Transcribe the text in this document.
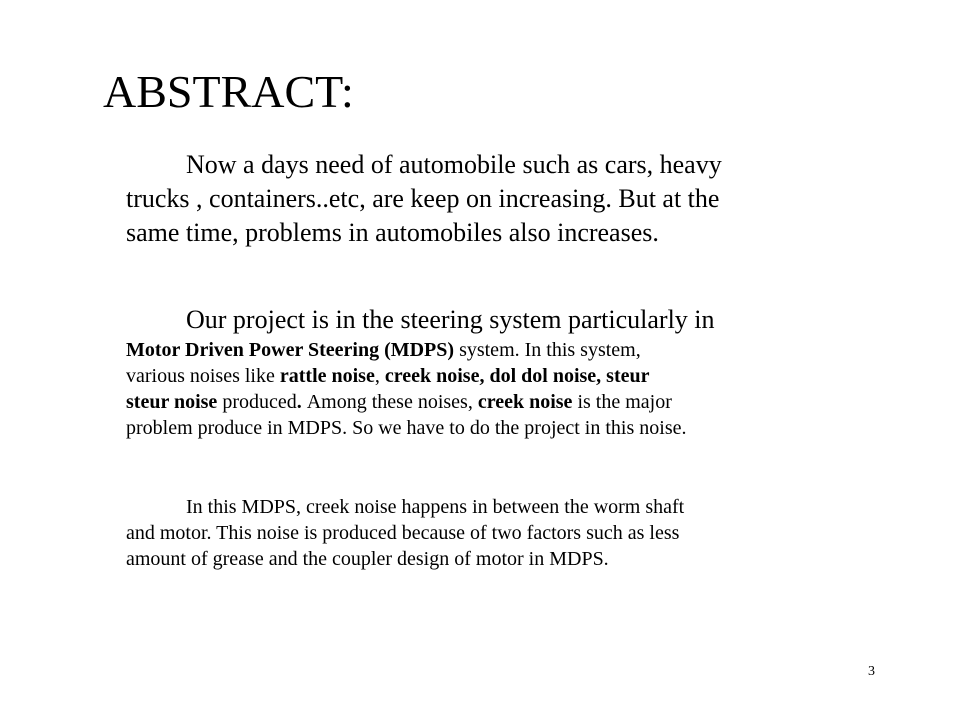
ABSTRACT:

Now a days need of automobile such as cars, heavy
trucks , containers..etc, are keep on increasing. But at the
same time, problems in automobiles also increases.

Our project is in the steering system particularly in
Motor Driven Power Steering (MDPS) system. In this system,
various noises like rattle noise, creek noise, dol dol noise, steur
steur noise produced. Among these noises, creek noise is the major
problem produce in MDPS. So we have to do the project in this noise.

In this MDPS, creek noise happens in between the worm shaft
and motor. This noise is produced because of two factors such as less
amount of grease and the coupler design of motor in MDPS.

3
